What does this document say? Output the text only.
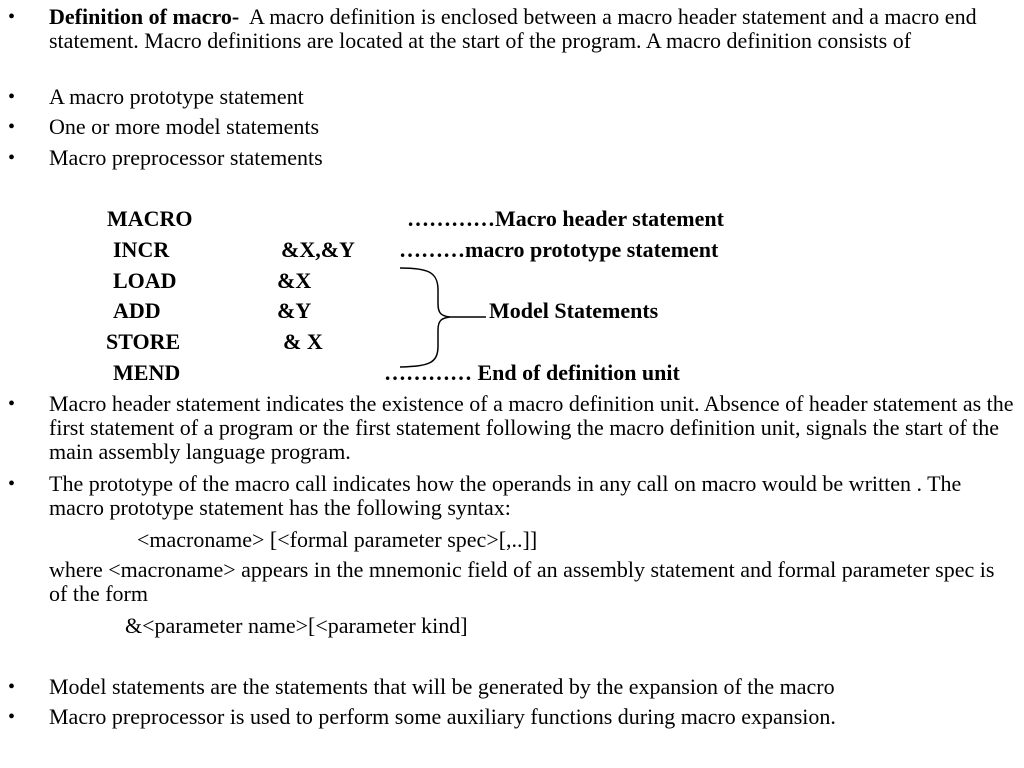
• Definition of macro- A macro definition is enclosed between a macro header statement and a macro end statement. Macro definitions are located at the start of the program. A macro definition consists of
• A macro prototype statement
• One or more model statements
• Macro preprocessor statements
MACRO	…………Macro header statement
INCR	&X,&Y ………macro prototype statement
LOAD	&X
ADD	&Y
STORE	& X
MEND	………… End of definition unit
Model Statements
• Macro header statement indicates the existence of a macro definition unit. Absence of header statement as the first statement of a program or the first statement following the macro definition unit, signals the start of the main assembly language program.
• The prototype of the macro call indicates how the operands in any call on macro would be written . The macro prototype statement has the following syntax:
<macroname> [<formal parameter spec>[,..]]
where <macroname> appears in the mnemonic field of an assembly statement and formal parameter spec is of the form
&<parameter name>[<parameter kind]
• Model statements are the statements that will be generated by the expansion of the macro
• Macro preprocessor is used to perform some auxiliary functions during macro expansion.
